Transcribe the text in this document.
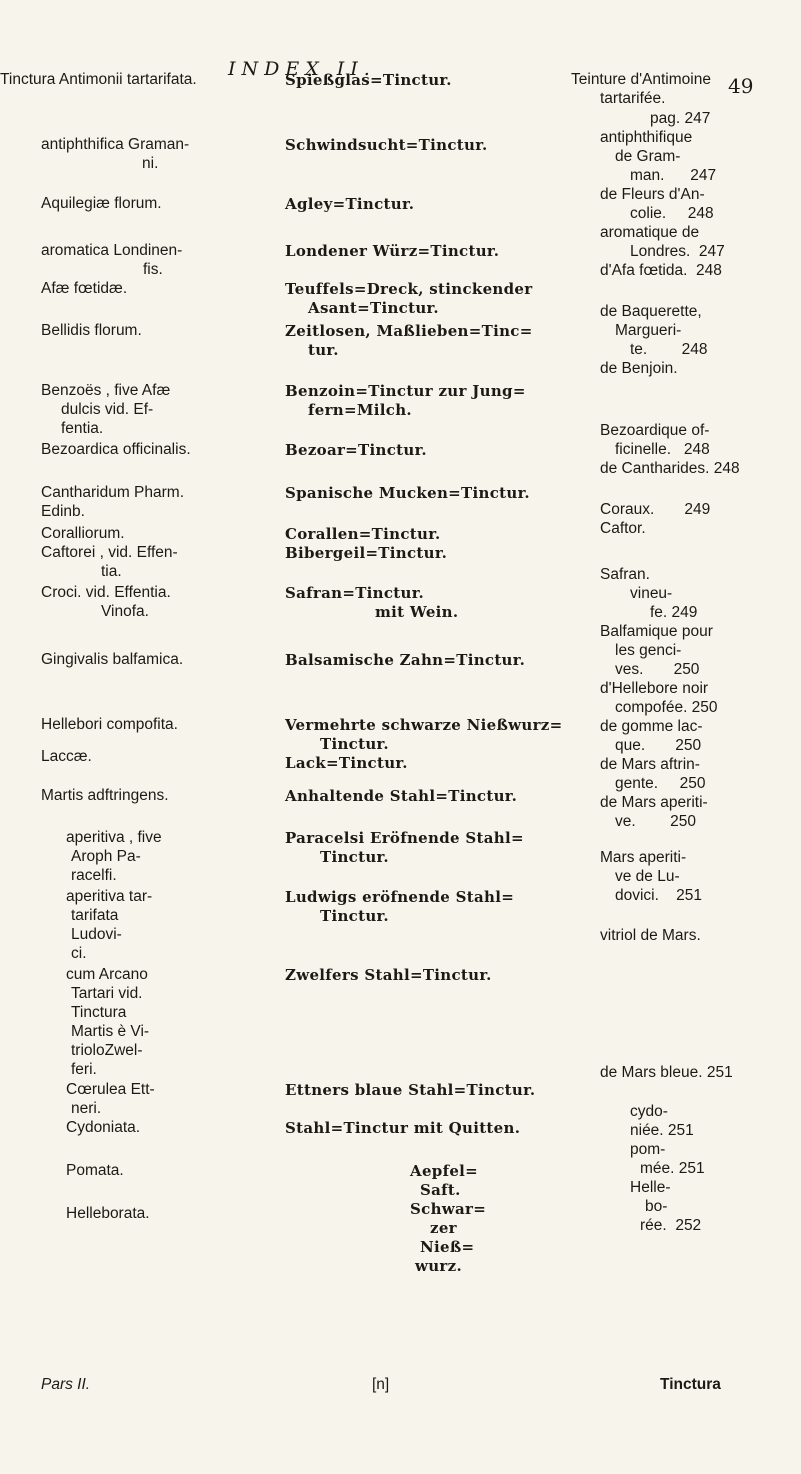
INDEX II.
49
Tinctura Antimonii tartarifata.
antiphthifica Graman-
ni.
Aquilegiæ florum.
aromatica Londinen-
fis.
Afæ fœtidæ.
Bellidis florum.
Benzoës , five Afæ
dulcis vid. Ef-
fentia.
Bezoardica officinalis.
Cantharidum Pharm.
Edinb.
Coralliorum.
Caftorei , vid. Effen-
tia.
Croci. vid. Effentia.
Vinofa.
Gingivalis balfamica.
Hellebori compofita.
Laccæ.
Martis adftringens.
aperitiva , five
Aroph Pa-
racelfi.
aperitiva tar-
tarifata
Ludovi-
ci.
cum Arcano
Tartari vid.
Tinctura
Martis è Vi-
trioloZwel-
feri.
Cœrulea Ett-
neri.
Cydoniata.
Pomata.
Helleborata.
Spießglas=Tinctur.
Schwindsucht=Tinctur.
Agley=Tinctur.
Londener Würz=Tinctur.
Teuffels=Dreck, stinckender
Asant=Tinctur.
Zeitlosen, Maßlieben=Tinc=
tur.
Benzoin=Tinctur zur Jung=
fern=Milch.
Bezoar=Tinctur.
Spanische Mucken=Tinctur.
Corallen=Tinctur.
Bibergeil=Tinctur.
Safran=Tinctur.
mit Wein.
Balsamische Zahn=Tinctur.
Vermehrte schwarze Nießwurz=
Tinctur.
Lack=Tinctur.
Anhaltende Stahl=Tinctur.
Paracelsi Eröfnende Stahl=
Tinctur.
Ludwigs eröfnende Stahl=
Tinctur.
Zwelfers Stahl=Tinctur.
Ettners blaue Stahl=Tinctur.
Stahl=Tinctur mit Quitten.
Aepfel=
Saft.
Schwar=
zer
Nieß=
wurz.
Teinture d'Antimoine
tartarifée.
pag. 247
antiphthifique
de Gram-
man.      247
de Fleurs d'An-
colie.     248
aromatique de
Londres.  247
d'Afa fœtida.  248
de Baquerette,
Margueri-
te.        248
de Benjoin.
Bezoardique of-
ficinelle.   248
de Cantharides. 248
Coraux.       249
Caftor.
Safran.
vineu-
fe. 249
Balfamique pour
les genci-
ves.       250
d'Hellebore noir
compofée. 250
de gomme lac-
que.       250
de Mars aftrin-
gente.     250
de Mars aperiti-
ve.        250
Mars aperiti-
ve de Lu-
dovici.    251
vitriol de Mars.
de Mars bleue. 251
cydo-
niée. 251
pom-
mée. 251
Helle-
bo-
rée.  252
Pars II.	[n]	Tinctura
